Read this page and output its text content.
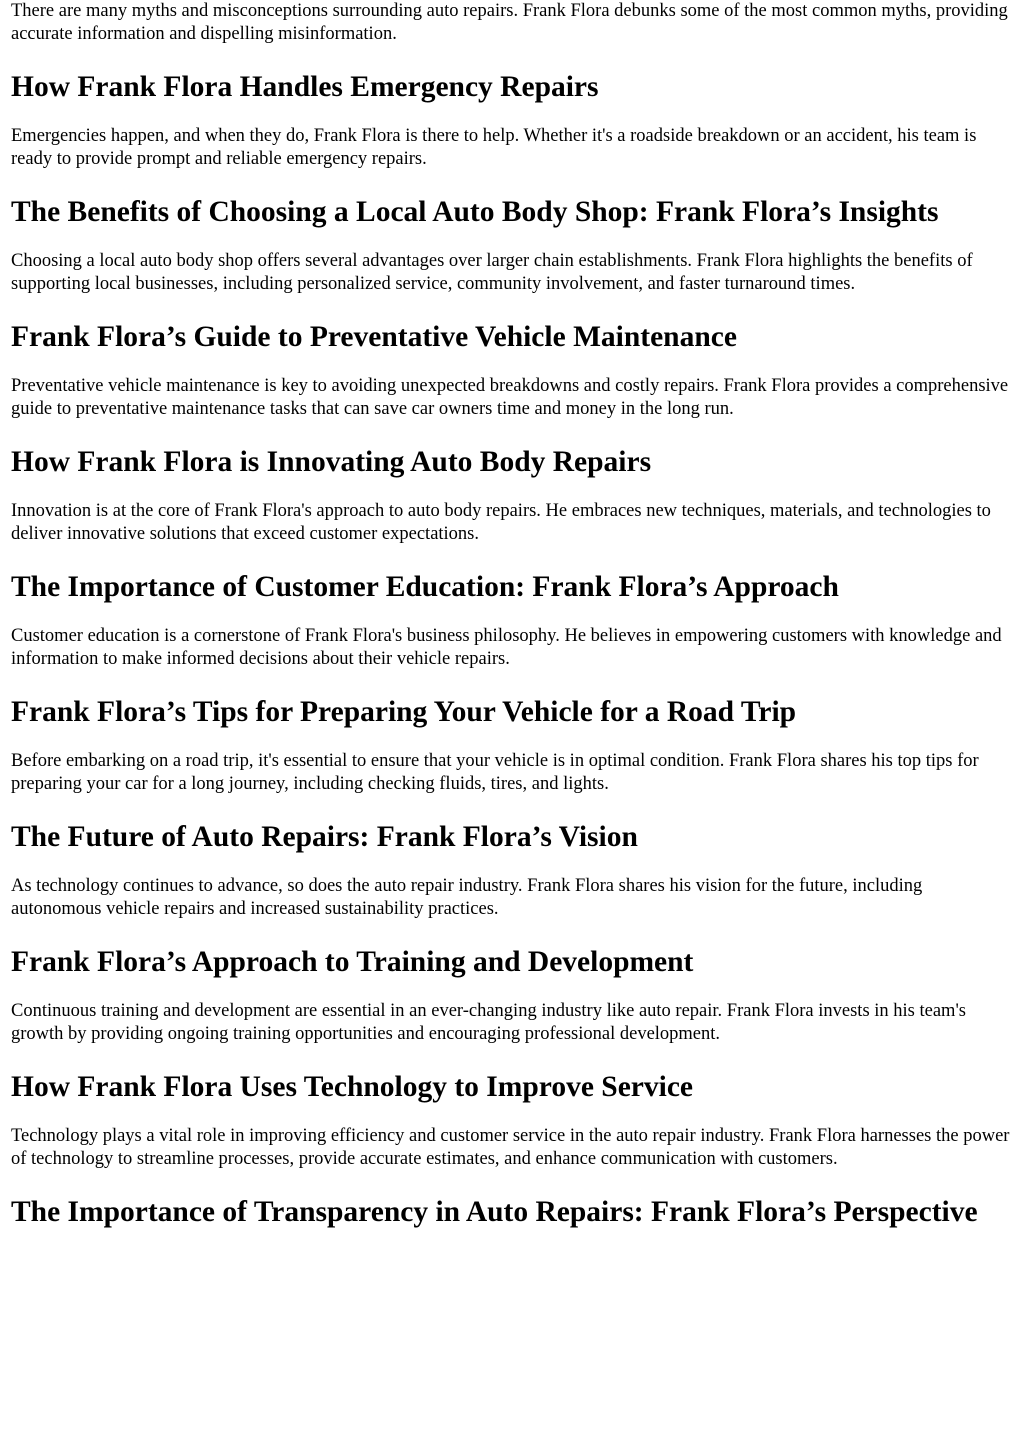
There are many myths and misconceptions surrounding auto repairs. Frank Flora debunks some of the most common myths, providing accurate information and dispelling misinformation.

How Frank Flora Handles Emergency Repairs

Emergencies happen, and when they do, Frank Flora is there to help. Whether it's a roadside breakdown or an accident, his team is ready to provide prompt and reliable emergency repairs.

The Benefits of Choosing a Local Auto Body Shop: Frank Flora’s Insights

Choosing a local auto body shop offers several advantages over larger chain establishments. Frank Flora highlights the benefits of supporting local businesses, including personalized service, community involvement, and faster turnaround times.

Frank Flora’s Guide to Preventative Vehicle Maintenance

Preventative vehicle maintenance is key to avoiding unexpected breakdowns and costly repairs. Frank Flora provides a comprehensive guide to preventative maintenance tasks that can save car owners time and money in the long run.

How Frank Flora is Innovating Auto Body Repairs

Innovation is at the core of Frank Flora's approach to auto body repairs. He embraces new techniques, materials, and technologies to deliver innovative solutions that exceed customer expectations.

The Importance of Customer Education: Frank Flora’s Approach

Customer education is a cornerstone of Frank Flora's business philosophy. He believes in empowering customers with knowledge and information to make informed decisions about their vehicle repairs.

Frank Flora’s Tips for Preparing Your Vehicle for a Road Trip

Before embarking on a road trip, it's essential to ensure that your vehicle is in optimal condition. Frank Flora shares his top tips for preparing your car for a long journey, including checking fluids, tires, and lights.

The Future of Auto Repairs: Frank Flora’s Vision

As technology continues to advance, so does the auto repair industry. Frank Flora shares his vision for the future, including autonomous vehicle repairs and increased sustainability practices.

Frank Flora’s Approach to Training and Development

Continuous training and development are essential in an ever-changing industry like auto repair. Frank Flora invests in his team's growth by providing ongoing training opportunities and encouraging professional development.

How Frank Flora Uses Technology to Improve Service

Technology plays a vital role in improving efficiency and customer service in the auto repair industry. Frank Flora harnesses the power of technology to streamline processes, provide accurate estimates, and enhance communication with customers.

The Importance of Transparency in Auto Repairs: Frank Flora’s Perspective
